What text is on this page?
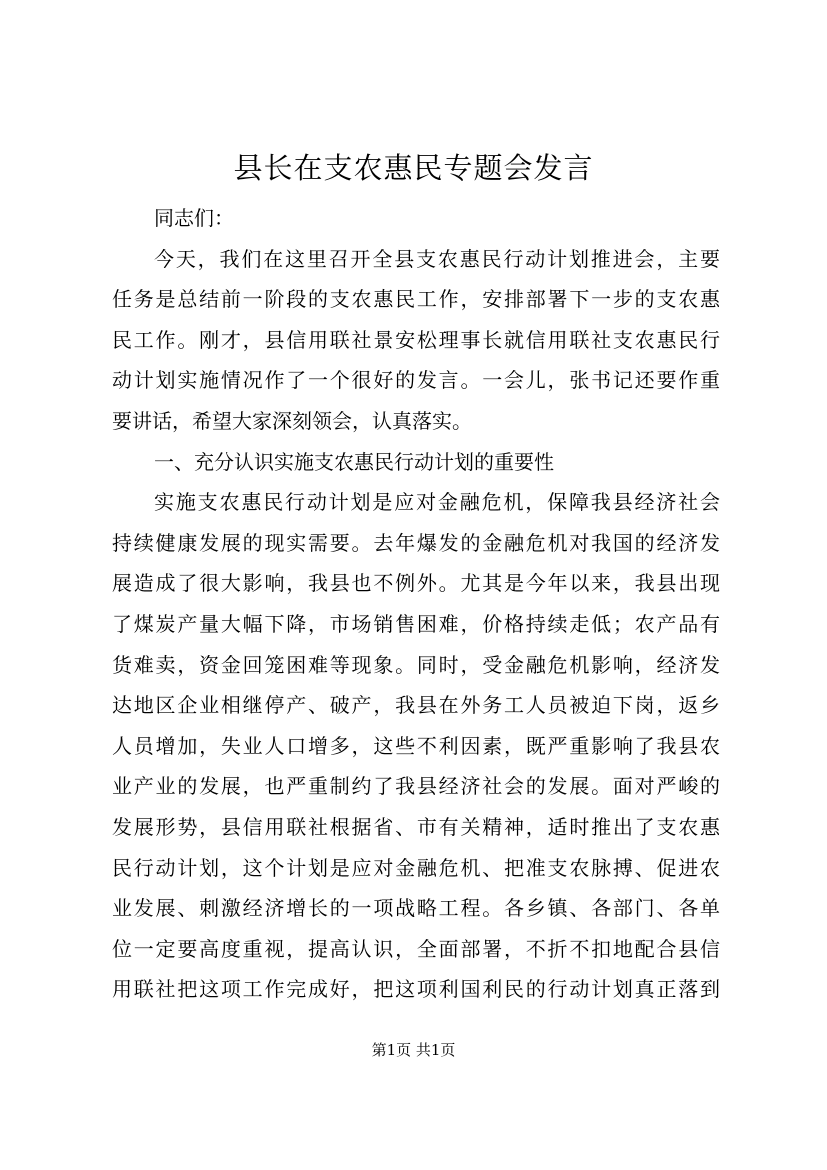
县长在支农惠民专题会发言
同志们：
今天，我们在这里召开全县支农惠民行动计划推进会，主要
任务是总结前一阶段的支农惠民工作，安排部署下一步的支农惠
民工作。刚才，县信用联社景安松理事长就信用联社支农惠民行
动计划实施情况作了一个很好的发言。一会儿，张书记还要作重
要讲话，希望大家深刻领会，认真落实。
一、充分认识实施支农惠民行动计划的重要性
实施支农惠民行动计划是应对金融危机，保障我县经济社会
持续健康发展的现实需要。去年爆发的金融危机对我国的经济发
展造成了很大影响，我县也不例外。尤其是今年以来，我县出现
了煤炭产量大幅下降，市场销售困难，价格持续走低；农产品有
货难卖，资金回笼困难等现象。同时，受金融危机影响，经济发
达地区企业相继停产、破产，我县在外务工人员被迫下岗，返乡
人员增加，失业人口增多，这些不利因素，既严重影响了我县农
业产业的发展，也严重制约了我县经济社会的发展。面对严峻的
发展形势，县信用联社根据省、市有关精神，适时推出了支农惠
民行动计划，这个计划是应对金融危机、把准支农脉搏、促进农
业发展、刺激经济增长的一项战略工程。各乡镇、各部门、各单
位一定要高度重视，提高认识，全面部署，不折不扣地配合县信
用联社把这项工作完成好，把这项利国利民的行动计划真正落到
第1页 共1页
